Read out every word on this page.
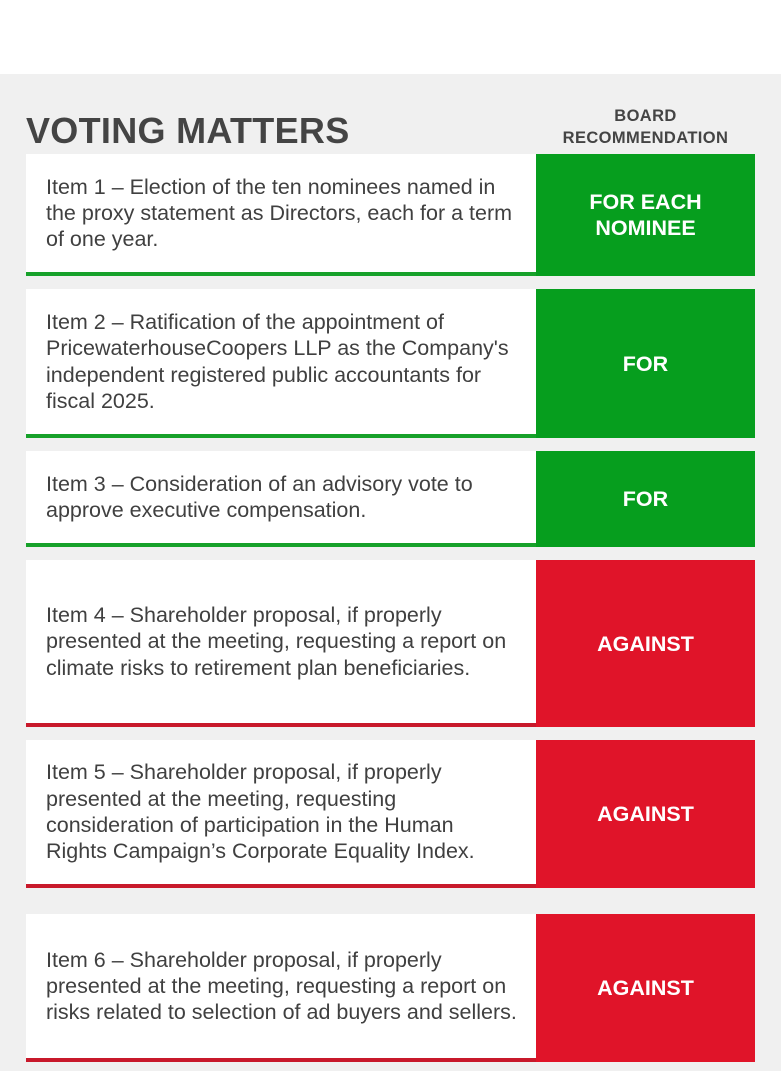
VOTING MATTERS	BOARD
RECOMMENDATION
Item 1 – Election of the ten nominees named in the proxy statement as Directors, each for a term of one year.
FOR EACH NOMINEE
Item 2 – Ratification of the appointment of PricewaterhouseCoopers LLP as the Company's independent registered public accountants for fiscal 2025.
FOR
Item 3 – Consideration of an advisory vote to approve executive compensation.	FOR
Item 4 – Shareholder proposal, if properly presented at the meeting, requesting a report on climate risks to retirement plan beneficiaries.
AGAINST
Item 5 – Shareholder proposal, if properly presented at the meeting, requesting consideration of participation in the Human Rights Campaign’s Corporate Equality Index.
AGAINST
Item 6 – Shareholder proposal, if properly presented at the meeting, requesting a report on risks related to selection of ad buyers and sellers.
AGAINST
